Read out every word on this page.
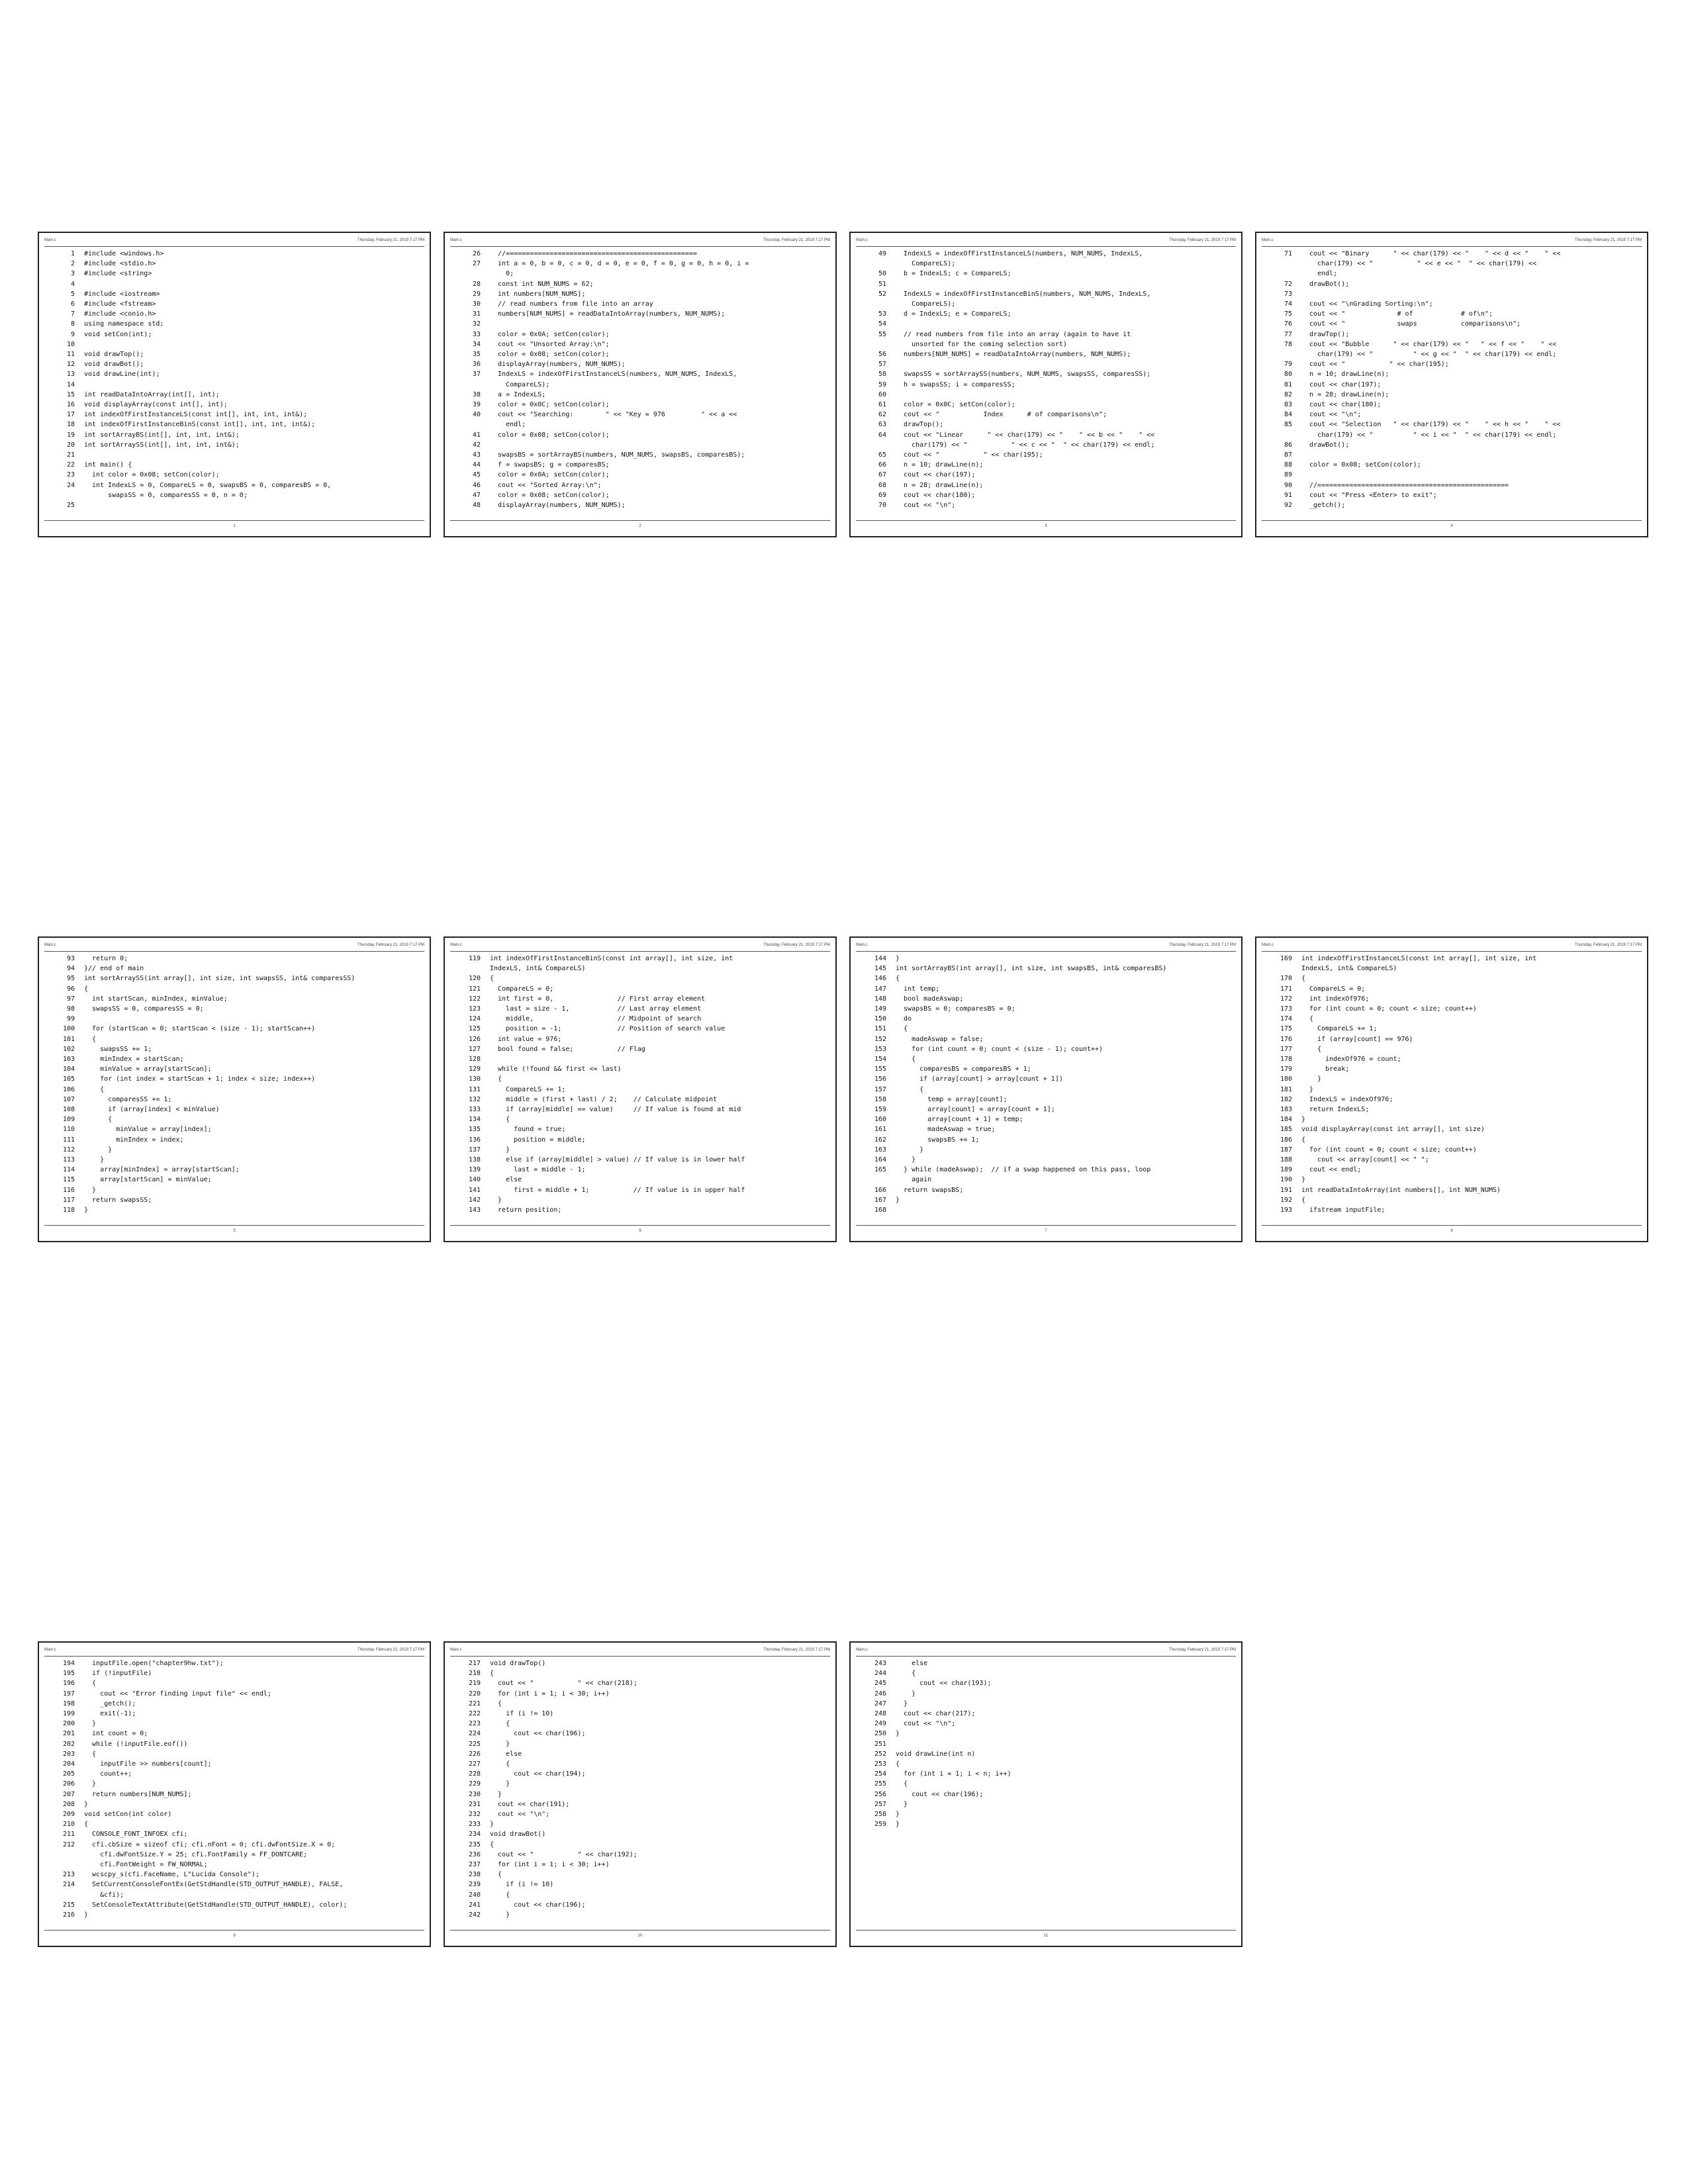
Main.c	Thursday, February 21, 2019 7:17 PM
1	#include <windows.h>
2	#include <stdio.h>
3	#include <string>
4
5	#include <iostream>
6	#include <fstream>
7	#include <conio.h>
8	using namespace std;
9	void setCon(int);
10
11	void drawTop();
12	void drawBot();
13	void drawLine(int);
14
15	int readDataIntoArray(int[], int);
16	void displayArray(const int[], int);
17	int indexOfFirstInstanceLS(const int[], int, int, int&);
18	int indexOfFirstInstanceBinS(const int[], int, int, int&);
19	int sortArrayBS(int[], int, int, int&);
20	int sortArraySS(int[], int, int, int&);
21
22	int main() {
23	int color = 0x08; setCon(color);
24	int IndexLS = 0, CompareLS = 0, swapsBS = 0, comparesBS = 0,
swapsSS = 0, comparesSS = 0, n = 0;
25
1
Main.c	Thursday, February 21, 2019 7:17 PM
26	//================================================
27	int a = 0, b = 0, c = 0, d = 0, e = 0, f = 0, g = 0, h = 0, i =
0;
28	const int NUM_NUMS = 62;
29	int numbers[NUM_NUMS];
30	// read numbers from file into an array
31	numbers[NUM_NUMS] = readDataIntoArray(numbers, NUM_NUMS);
32
33	color = 0x0A; setCon(color);
34	cout << "Unsorted Array:\n";
35	color = 0x08; setCon(color);
36	displayArray(numbers, NUM_NUMS);
37	IndexLS = indexOfFirstInstanceLS(numbers, NUM_NUMS, IndexLS,
CompareLS);
38	a = IndexLS;
39	color = 0x0C; setCon(color);
40	cout << "Searching:        " << "Key = 976         " << a <<
endl;
41	color = 0x08; setCon(color);
42
43	swapsBS = sortArrayBS(numbers, NUM_NUMS, swapsBS, comparesBS);
44	f = swapsBS; g = comparesBS;
45	color = 0x0A; setCon(color);
46	cout << "Sorted Array:\n";
47	color = 0x08; setCon(color);
48	displayArray(numbers, NUM_NUMS);
2
Main.c	Thursday, February 21, 2019 7:17 PM
49	IndexLS = indexOfFirstInstanceLS(numbers, NUM_NUMS, IndexLS,
CompareLS);
50	b = IndexLS; c = CompareLS;
51
52	IndexLS = indexOfFirstInstanceBinS(numbers, NUM_NUMS, IndexLS,
CompareLS);
53	d = IndexLS; e = CompareLS;
54
55	// read numbers from file into an array (again to have it
unsorted for the coming selection sort)
56	numbers[NUM_NUMS] = readDataIntoArray(numbers, NUM_NUMS);
57
58	swapsSS = sortArraySS(numbers, NUM_NUMS, swapsSS, comparesSS);
59	h = swapsSS; i = comparesSS;
60
61	color = 0x0C; setCon(color);
62	cout << "           Index      # of comparisons\n";
63	drawTop();
64	cout << "Linear      " << char(179) << "    " << b << "    " <<
char(179) << "           " << c << "  " << char(179) << endl;
65	cout << "           " << char(195);
66	n = 10; drawLine(n);
67	cout << char(197);
68	n = 28; drawLine(n);
69	cout << char(180);
70	cout << "\n";
3
Main.c	Thursday, February 21, 2019 7:17 PM
71	cout << "Binary      " << char(179) << "    " << d << "    " <<
char(179) << "           " << e << "  " << char(179) <<
endl;
72	drawBot();
73
74	cout << "\nGrading Sorting:\n";
75	cout << "             # of            # of\n";
76	cout << "             swaps           comparisons\n";
77	drawTop();
78	cout << "Bubble      " << char(179) << "   " << f << "    " <<
char(179) << "          " << g << "  " << char(179) << endl;
79	cout << "           " << char(195);
80	n = 10; drawLine(n);
81	cout << char(197);
82	n = 28; drawLine(n);
83	cout << char(180);
84	cout << "\n";
85	cout << "Selection   " << char(179) << "    " << h << "    " <<
char(179) << "          " << i << "  " << char(179) << endl;
86	drawBot();
87
88	color = 0x08; setCon(color);
89
90	//================================================
91	cout << "Press <Enter> to exit";
92	_getch();
4
Main.c	Thursday, February 21, 2019 7:17 PM
93	return 0;
94	}// end of main
95	int sortArraySS(int array[], int size, int swapsSS, int& comparesSS)
96	{
97	int startScan, minIndex, minValue;
98	swapsSS = 0, comparesSS = 0;
99
100	for (startScan = 0; startScan < (size - 1); startScan++)
101	{
102	swapsSS += 1;
103	minIndex = startScan;
104	minValue = array[startScan];
105	for (int index = startScan + 1; index < size; index++)
106	{
107	comparesSS += 1;
108	if (array[index] < minValue)
109	{
110	minValue = array[index];
111	minIndex = index;
112	}
113	}
114	array[minIndex] = array[startScan];
115	array[startScan] = minValue;
116	}
117	return swapsSS;
118	}
5
Main.c	Thursday, February 21, 2019 7:17 PM
119	int indexOfFirstInstanceBinS(const int array[], int size, int
IndexLS, int& CompareLS)
120	{
121	CompareLS = 0;
122	int first = 0,                // First array element
123	last = size - 1,            // Last array element
124	middle,                     // Midpoint of search
125	position = -1;              // Position of search value
126	int value = 976;
127	bool found = false;           // Flag
128
129	while (!found && first <= last)
130	{
131	CompareLS += 1;
132	middle = (first + last) / 2;    // Calculate midpoint
133	if (array[middle] == value)     // If value is found at mid
134	{
135	found = true;
136	position = middle;
137	}
138	else if (array[middle] > value) // If value is in lower half
139	last = middle - 1;
140	else
141	first = middle + 1;           // If value is in upper half
142	}
143	return position;
6
Main.c	Thursday, February 21, 2019 7:17 PM
144	}
145	int sortArrayBS(int array[], int size, int swapsBS, int& comparesBS)
146	{
147	int temp;
148	bool madeAswap;
149	swapsBS = 0; comparesBS = 0;
150	do
151	{
152	madeAswap = false;
153	for (int count = 0; count < (size - 1); count++)
154	{
155	comparesBS = comparesBS + 1;
156	if (array[count] > array[count + 1])
157	{
158	temp = array[count];
159	array[count] = array[count + 1];
160	array[count + 1] = temp;
161	madeAswap = true;
162	swapsBS += 1;
163	}
164	}
165	} while (madeAswap);  // if a swap happened on this pass, loop
again
166	return swapsBS;
167	}
168
7
Main.c	Thursday, February 21, 2019 7:17 PM
169	int indexOfFirstInstanceLS(const int array[], int size, int
IndexLS, int& CompareLS)
170	{
171	CompareLS = 0;
172	int indexOf976;
173	for (int count = 0; count < size; count++)
174	{
175	CompareLS += 1;
176	if (array[count] == 976)
177	{
178	indexOf976 = count;
179	break;
180	}
181	}
182	IndexLS = indexOf976;
183	return IndexLS;
184	}
185	void displayArray(const int array[], int size)
186	{
187	for (int count = 0; count < size; count++)
188	cout << array[count] << " ";
189	cout << endl;
190	}
191	int readDataIntoArray(int numbers[], int NUM_NUMS)
192	{
193	ifstream inputFile;
8
Main.c	Thursday, February 21, 2019 7:17 PM
194	inputFile.open("chapter9hw.txt");
195	if (!inputFile)
196	{
197	cout << "Error finding input file" << endl;
198	_getch();
199	exit(-1);
200	}
201	int count = 0;
202	while (!inputFile.eof())
203	{
204	inputFile >> numbers[count];
205	count++;
206	}
207	return numbers[NUM_NUMS];
208	}
209	void setCon(int color)
210	{
211	CONSOLE_FONT_INFOEX cfi;
212	cfi.cbSize = sizeof cfi; cfi.nFont = 0; cfi.dwFontSize.X = 0;
cfi.dwFontSize.Y = 25; cfi.FontFamily = FF_DONTCARE;
cfi.FontWeight = FW_NORMAL;
213	wcscpy_s(cfi.FaceName, L"Lucida Console");
214	SetCurrentConsoleFontEx(GetStdHandle(STD_OUTPUT_HANDLE), FALSE,
&cfi);
215	SetConsoleTextAttribute(GetStdHandle(STD_OUTPUT_HANDLE), color);
216	}
9
Main.c	Thursday, February 21, 2019 7:17 PM
217	void drawTop()
218	{
219	cout << "           " << char(218);
220	for (int i = 1; i < 30; i++)
221	{
222	if (i != 10)
223	{
224	cout << char(196);
225	}
226	else
227	{
228	cout << char(194);
229	}
230	}
231	cout << char(191);
232	cout << "\n";
233	}
234	void drawBot()
235	{
236	cout << "           " << char(192);
237	for (int i = 1; i < 30; i++)
238	{
239	if (i != 10)
240	{
241	cout << char(196);
242	}
10
Main.c	Thursday, February 21, 2019 7:17 PM
243	else
244	{
245	cout << char(193);
246	}
247	}
248	cout << char(217);
249	cout << "\n";
250	}
251
252	void drawLine(int n)
253	{
254	for (int i = 1; i < n; i++)
255	{
256	cout << char(196);
257	}
258	}
259	}
11
